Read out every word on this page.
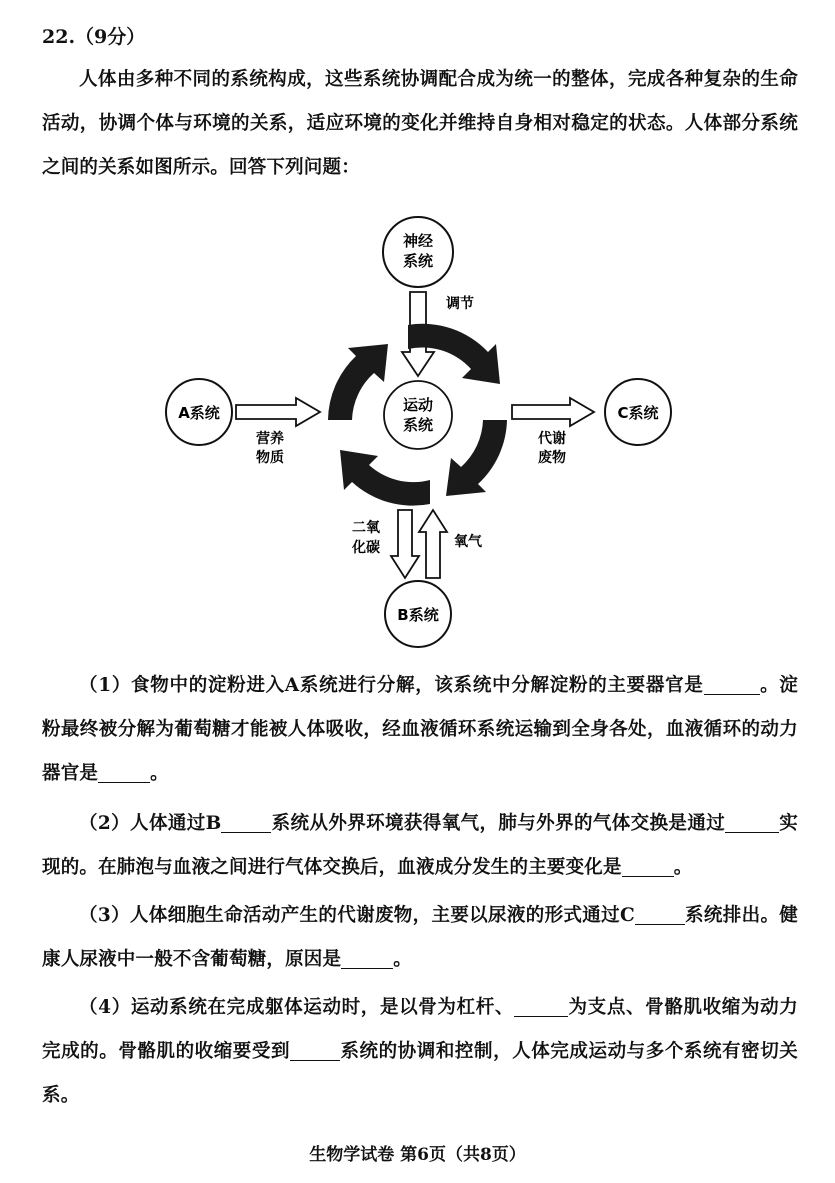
22.（9分）
人体由多种不同的系统构成，这些系统协调配合成为统一的整体，完成各种复杂的生命活动，协调个体与环境的关系，适应环境的变化并维持自身相对稳定的状态。人体部分系统之间的关系如图所示。回答下列问题：
神经
系统
调节
运动
系统
A系统
营养
物质
C系统
代谢
废物
二氧
化碳	氧气
B系统
（1）食物中的淀粉进入A系统进行分解，该系统中分解淀粉的主要器官是	。淀粉最终被分解为葡萄糖才能被人体吸收，经血液循环系统运输到全身各处，血液循环的动力器官是	。
（2）人体通过B	系统从外界环境获得氧气，肺与外界的气体交换是通过	实现的。在肺泡与血液之间进行气体交换后，血液成分发生的主要变化是	。
（3）人体细胞生命活动产生的代谢废物，主要以尿液的形式通过C	系统排出。健康人尿液中一般不含葡萄糖，原因是	。
（4）运动系统在完成躯体运动时，是以骨为杠杆、	为支点、骨骼肌收缩为动力完成的。骨骼肌的收缩要受到	系统的协调和控制，人体完成运动与多个系统有密切关系。
生物学试卷 第6页（共8页）
